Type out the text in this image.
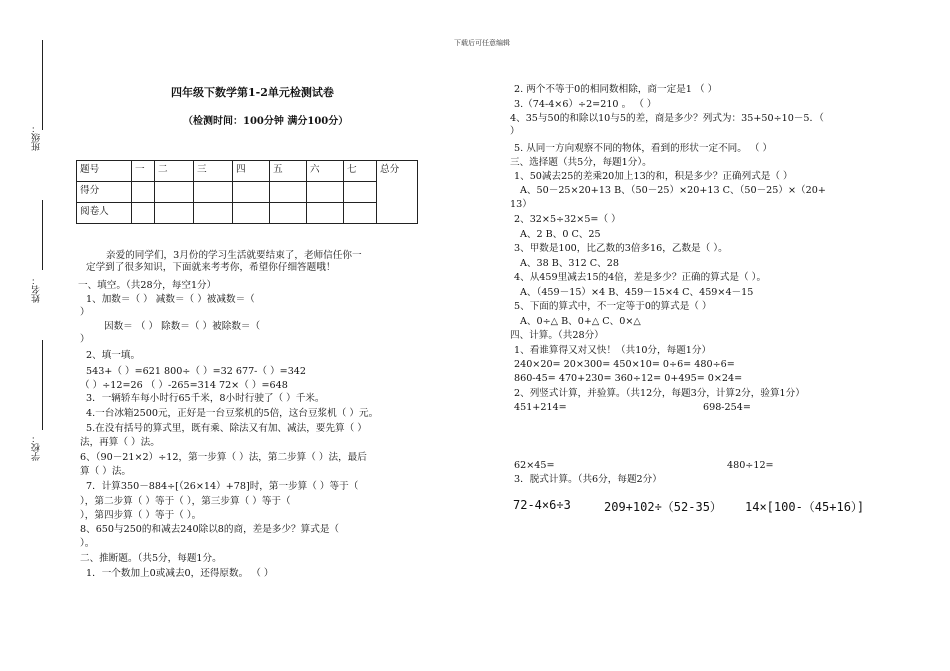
下载后可任意编辑
班级：
姓名：
学校：
四年级下数学第1-2单元检测试卷
（检测时间：100分钟 满分100分）
题号	一	二	三	四	五	六	七	总分
得分								
阅卷人								
亲爱的同学们，3月份的学习生活就要结束了，老师信任你一
定学到了很多知识，下面就来考考你，希望你仔细答题哦！
一、填空。（共28分，每空1分）
1、加数＝（ ） 减数＝（ ）被减数＝（
）
因数＝ （ ） 除数＝（ ）被除数＝（
）
2、填一填。
543+（ ）=621 800÷（ ）=32 677-（ ）=342
（ ）÷12=26 （ ）-265=314 72×（ ）=648
3．一辆轿车每小时行65千米，8小时行驶了（ ）千米。
4.一台冰箱2500元，正好是一台豆浆机的5倍，这台豆浆机（ ）元。
5.在没有括号的算式里，既有乘、除法又有加、减法，要先算（ ）
法，再算（ ）法。
6、（90－21×2）÷12，第一步算（ ）法，第二步算（ ）法，最后
算（ ）法。
7．计算350－884÷[（26×14）+78]时，第一步算（ ）等于（
），第二步算（ ）等于（ ），第三步算（ ）等于（
），第四步算（ ）等于（ ）。
8、650与250的和减去240除以8的商，差是多少？算式是（
）。
二、推断题。（共5分，每题1分。
1．一个数加上0或减去0，还得原数。 （ ）
2. 两个不等于0的相同数相除，商一定是1 （ ）
3.（74-4×6）÷2=210 。 （ ）
4、35与50的和除以10与5的差，商是多少？列式为：35+50÷10－5．（
）
5. 从同一方向观察不同的物体，看到的形状一定不同。 （ ）
三、选择题（共5分，每题1分）。
1、50减去25的差乘20加上13的和，积是多少？正确列式是（ ）
A、50－25×20+13 B、（50－25）×20+13 C、（50－25）×（20+
13）
2、32×5÷32×5=（ ）
A、2 B、0 C、25
3、甲数是100，比乙数的3倍多16，乙数是（ ）。
A、38 B、312 C、28
4、从459里减去15的4倍，差是多少？正确的算式是（ ）。
A、（459－15）×4 B、459－15×4 C、459×4－15
5、下面的算式中，不一定等于0的算式是（ ）
A、0÷△ B、0+△ C、0×△
四、计算。（共28分）
1、看谁算得又对又快！（共10分，每题1分）
240×20= 20×300= 450×10= 0÷6= 480÷6=
860-45= 470+230= 360÷12= 0+495= 0×24=
2、列竖式计算，并验算。（共12分，每题3分，计算2分，验算1分）
451+214=	698-254=
62×45=	480÷12=
3．脱式计算。（共6分，每题2分）
72-4×6÷3	209+102÷（52-35） 14×[100-（45+16）]
